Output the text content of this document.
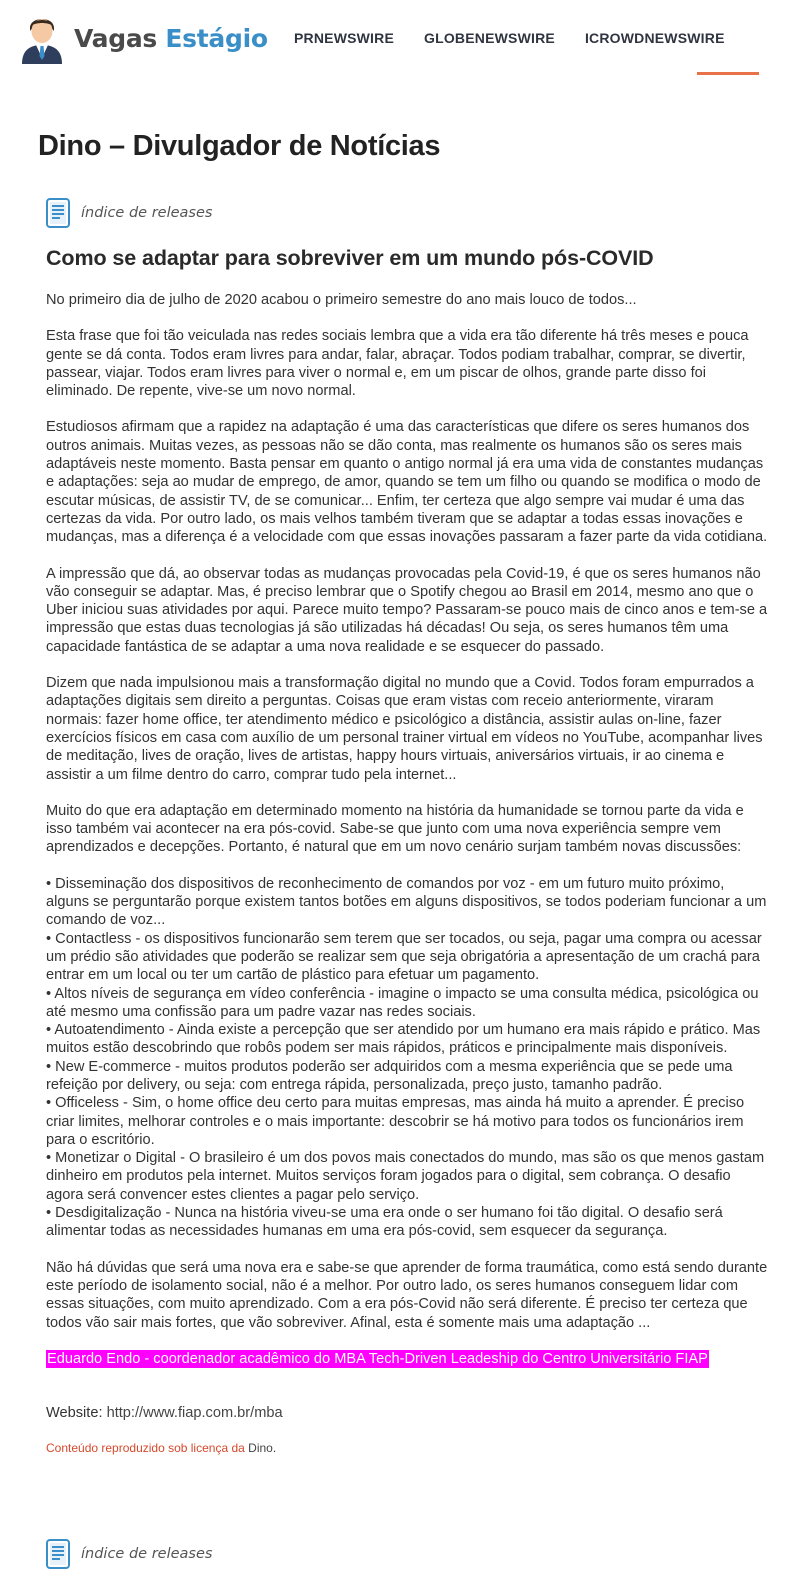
Vagas Estágio PRNEWSWIRE GLOBENEWSWIRE ICROWDNEWSWIRE
Dino – Divulgador de Notícias
índice de releases
Como se adaptar para sobreviver em um mundo pós-COVID

No primeiro dia de julho de 2020 acabou o primeiro semestre do ano mais louco de todos...

Esta frase que foi tão veiculada nas redes sociais lembra que a vida era tão diferente há três meses e pouca gente se dá conta. Todos eram livres para andar, falar, abraçar. Todos podiam trabalhar, comprar, se divertir, passear, viajar. Todos eram livres para viver o normal e, em um piscar de olhos, grande parte disso foi eliminado. De repente, vive-se um novo normal.

Estudiosos afirmam que a rapidez na adaptação é uma das características que difere os seres humanos dos outros animais. Muitas vezes, as pessoas não se dão conta, mas realmente os humanos são os seres mais adaptáveis neste momento. Basta pensar em quanto o antigo normal já era uma vida de constantes mudanças e adaptações: seja ao mudar de emprego, de amor, quando se tem um filho ou quando se modifica o modo de escutar músicas, de assistir TV, de se comunicar... Enfim, ter certeza que algo sempre vai mudar é uma das certezas da vida. Por outro lado, os mais velhos também tiveram que se adaptar a todas essas inovações e mudanças, mas a diferença é a velocidade com que essas inovações passaram a fazer parte da vida cotidiana.

A impressão que dá, ao observar todas as mudanças provocadas pela Covid-19, é que os seres humanos não vão conseguir se adaptar. Mas, é preciso lembrar que o Spotify chegou ao Brasil em 2014, mesmo ano que o Uber iniciou suas atividades por aqui. Parece muito tempo? Passaram-se pouco mais de cinco anos e tem-se a impressão que estas duas tecnologias já são utilizadas há décadas! Ou seja, os seres humanos têm uma capacidade fantástica de se adaptar a uma nova realidade e se esquecer do passado.

Dizem que nada impulsionou mais a transformação digital no mundo que a Covid. Todos foram empurrados a adaptações digitais sem direito a perguntas. Coisas que eram vistas com receio anteriormente, viraram normais: fazer home office, ter atendimento médico e psicológico a distância, assistir aulas on-line, fazer exercícios físicos em casa com auxílio de um personal trainer virtual em vídeos no YouTube, acompanhar lives de meditação, lives de oração, lives de artistas, happy hours virtuais, aniversários virtuais, ir ao cinema e assistir a um filme dentro do carro, comprar tudo pela internet...

Muito do que era adaptação em determinado momento na história da humanidade se tornou parte da vida e isso também vai acontecer na era pós-covid. Sabe-se que junto com uma nova experiência sempre vem aprendizados e decepções. Portanto, é natural que em um novo cenário surjam também novas discussões:

• Disseminação dos dispositivos de reconhecimento de comandos por voz - em um futuro muito próximo, alguns se perguntarão porque existem tantos botões em alguns dispositivos, se todos poderiam funcionar a um comando de voz...
• Contactless - os dispositivos funcionarão sem terem que ser tocados, ou seja, pagar uma compra ou acessar um prédio são atividades que poderão se realizar sem que seja obrigatória a apresentação de um crachá para entrar em um local ou ter um cartão de plástico para efetuar um pagamento.
• Altos níveis de segurança em vídeo conferência - imagine o impacto se uma consulta médica, psicológica ou até mesmo uma confissão para um padre vazar nas redes sociais.
• Autoatendimento - Ainda existe a percepção que ser atendido por um humano era mais rápido e prático. Mas muitos estão descobrindo que robôs podem ser mais rápidos, práticos e principalmente mais disponíveis.
• New E-commerce - muitos produtos poderão ser adquiridos com a mesma experiência que se pede uma refeição por delivery, ou seja: com entrega rápida, personalizada, preço justo, tamanho padrão.
• Officeless - Sim, o home office deu certo para muitas empresas, mas ainda há muito a aprender. É preciso criar limites, melhorar controles e o mais importante: descobrir se há motivo para todos os funcionários irem para o escritório.
• Monetizar o Digital - O brasileiro é um dos povos mais conectados do mundo, mas são os que menos gastam dinheiro em produtos pela internet. Muitos serviços foram jogados para o digital, sem cobrança. O desafio agora será convencer estes clientes a pagar pelo serviço.
• Desdigitalização - Nunca na história viveu-se uma era onde o ser humano foi tão digital. O desafio será alimentar todas as necessidades humanas em uma era pós-covid, sem esquecer da segurança.

Não há dúvidas que será uma nova era e sabe-se que aprender de forma traumática, como está sendo durante este período de isolamento social, não é a melhor. Por outro lado, os seres humanos conseguem lidar com essas situações, com muito aprendizado. Com a era pós-Covid não será diferente. É preciso ter certeza que todos vão sair mais fortes, que vão sobreviver. Afinal, esta é somente mais uma adaptação ...

Eduardo Endo - coordenador acadêmico do MBA Tech-Driven Leadeship do Centro Universitário FIAP
Website: http://www.fiap.com.br/mba
Conteúdo reproduzido sob licença da Dino.
índice de releases
